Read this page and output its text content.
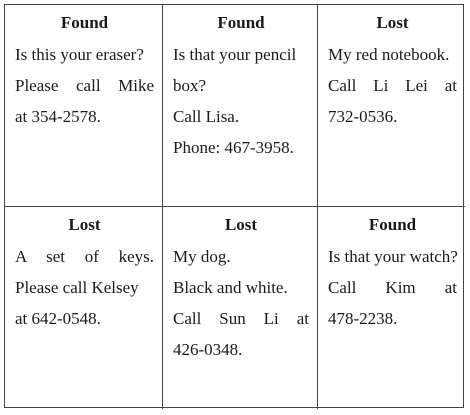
Found
Is this your eraser?
Please call Mike
at 354-2578.
Found
Is that your pencil
box?
Call Lisa.
Phone: 467-3958.
Lost
My red notebook.
Call Li Lei at
732-0536.
Lost
A set of keys.
Please call Kelsey
at 642-0548.
Lost
My dog.
Black and white.
Call Sun Li at
426-0348.
Found
Is that your watch?
Call Kim at
478-2238.
